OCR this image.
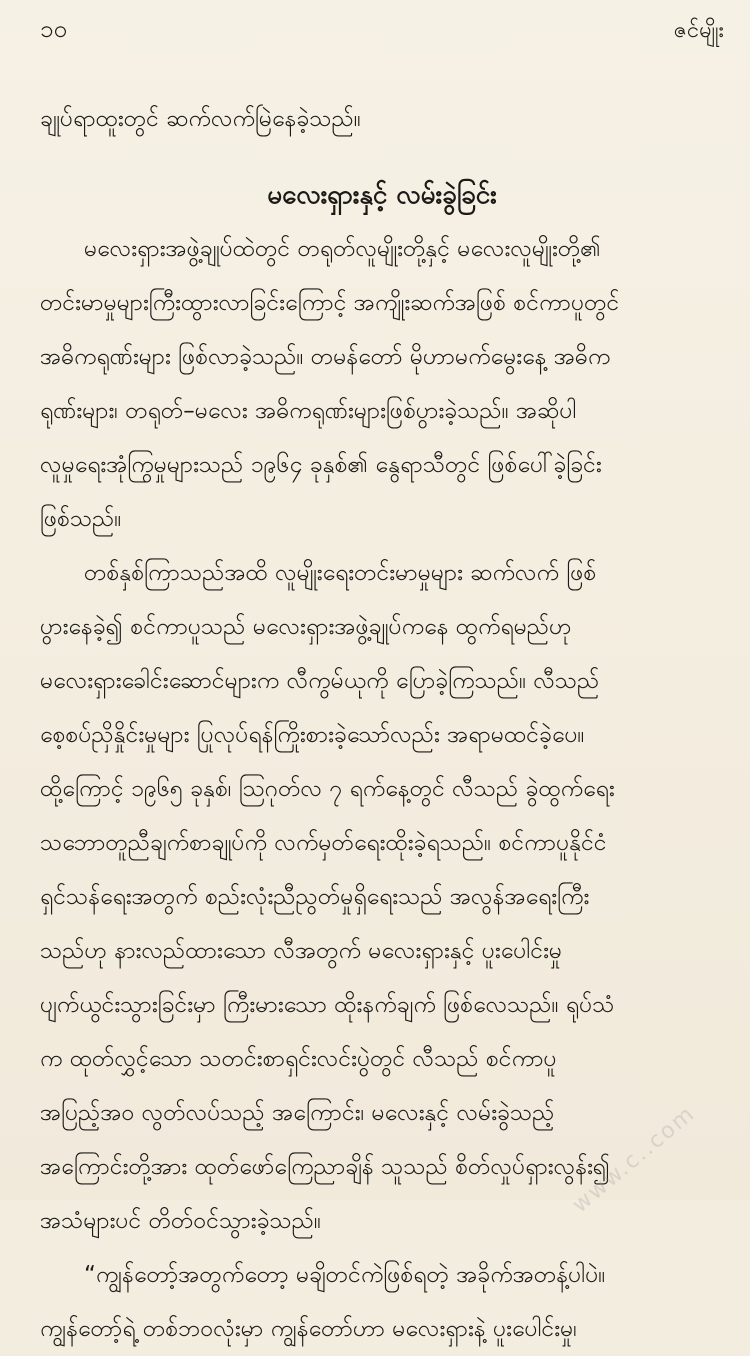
၁၀	ဇင်မျိုး
ချုပ်ရာထူးတွင် ဆက်လက်မြဲနေခဲ့သည်။
မလေးရှားနှင့် လမ်းခွဲခြင်း
မလေးရှားအဖွဲ့ချုပ်ထဲတွင် တရုတ်လူမျိုးတို့နှင့် မလေးလူမျိုးတို့၏
တင်းမာမှုများကြီးထွားလာခြင်းကြောင့် အကျိုးဆက်အဖြစ် စင်ကာပူတွင်
အဓိကရုဏ်းများ ဖြစ်လာခဲ့သည်။ တမန်တော် မိုဟာမက်မွေးနေ့ အဓိက
ရုဏ်းများ၊ တရုတ်–မလေး အဓိကရုဏ်းများဖြစ်ပွားခဲ့သည်။ အဆိုပါ
လူမှုရေးအုံကြွမှုများသည် ၁၉၆၄ ခုနှစ်၏ နွေရာသီတွင် ဖြစ်ပေါ်ခဲ့ခြင်း
ဖြစ်သည်။
တစ်နှစ်ကြာသည်အထိ လူမျိုးရေးတင်းမာမှုများ ဆက်လက် ဖြစ်
ပွားနေခဲ့၍ စင်ကာပူသည် မလေးရှားအဖွဲ့ချုပ်ကနေ ထွက်ရမည်ဟု
မလေးရှားခေါင်းဆောင်များက လီကွမ်ယုကို ပြောခဲ့ကြသည်။ လီသည်
စေ့စပ်ညှိနှိုင်းမှုများ ပြုလုပ်ရန်ကြိုးစားခဲ့သော်လည်း အရာမထင်ခဲ့ပေ။
ထို့ကြောင့် ၁၉၆၅ ခုနှစ်၊ ဩဂုတ်လ ၇ ရက်နေ့တွင် လီသည် ခွဲထွက်ရေး
သဘောတူညီချက်စာချုပ်ကို လက်မှတ်ရေးထိုးခဲ့ရသည်။ စင်ကာပူနိုင်ငံ
ရှင်သန်ရေးအတွက် စည်းလုံးညီညွတ်မှုရှိရေးသည် အလွန်အရေးကြီး
သည်ဟု နားလည်ထားသော လီအတွက် မလေးရှားနှင့် ပူးပေါင်းမှု
ပျက်ယွင်းသွားခြင်းမှာ ကြီးမားသော ထိုးနက်ချက် ဖြစ်လေသည်။ ရုပ်သံ
က ထုတ်လွှင့်သော သတင်းစာရှင်းလင်းပွဲတွင် လီသည် စင်ကာပူ
အပြည့်အဝ လွတ်လပ်သည့် အကြောင်း၊ မလေးနှင့် လမ်းခွဲသည့်
အကြောင်းတို့အား ထုတ်ဖော်ကြေညာချိန် သူသည် စိတ်လှုပ်ရှားလွန်း၍
အသံများပင် တိတ်ဝင်သွားခဲ့သည်။
“ကျွန်တော့်အတွက်တော့ မချိတင်ကဲဖြစ်ရတဲ့ အခိုက်အတန့်ပါပဲ။
ကျွန်တော့်ရဲ့ တစ်ဘဝလုံးမှာ ကျွန်တော်ဟာ မလေးရှားနဲ့ ပူးပေါင်းမှု၊
www.c..com
